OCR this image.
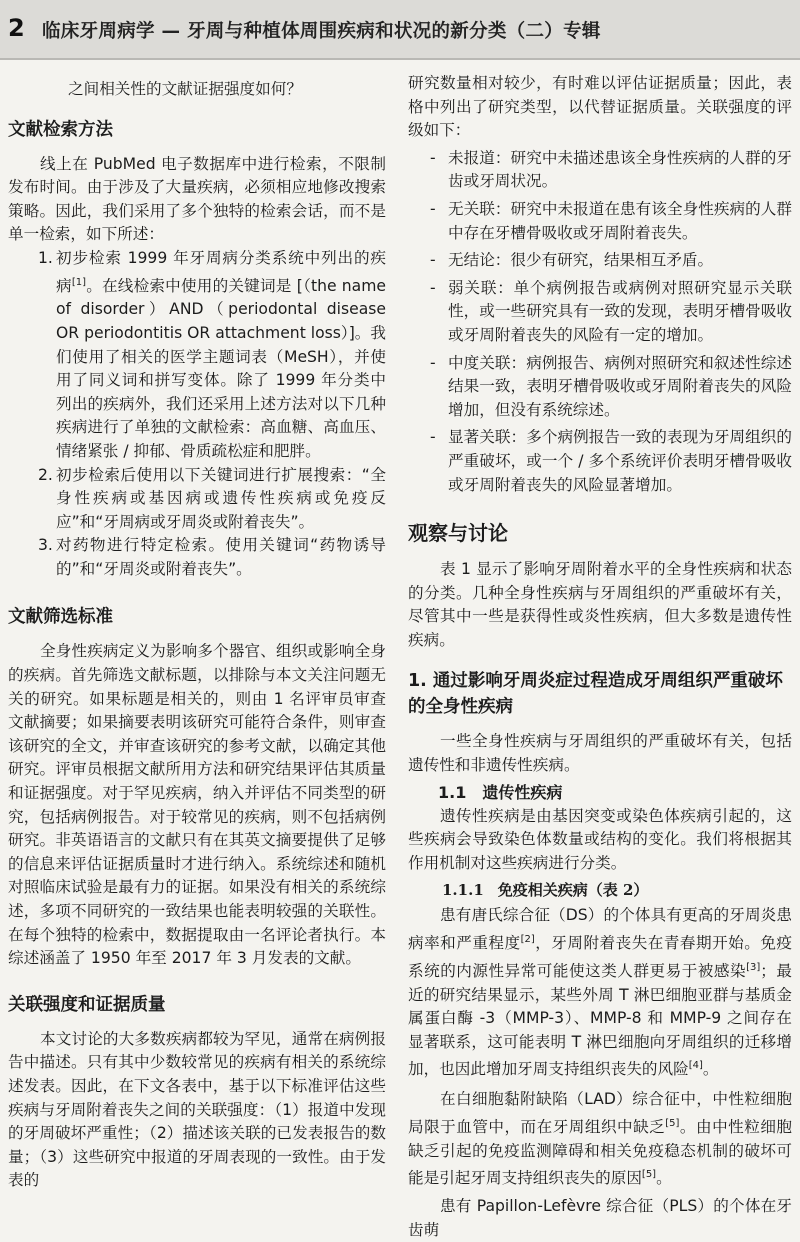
2 临床牙周病学 — 牙周与种植体周围疾病和状况的新分类（二）专辑
之间相关性的文献证据强度如何？
文献检索方法

线上在 PubMed 电子数据库中进行检索，不限制发布时间。由于涉及了大量疾病，必须相应地修改搜索策略。因此，我们采用了多个独特的检索会话，而不是单一检索，如下所述：

1. 初步检索 1999 年牙周病分类系统中列出的疾病[1]。在线检索中使用的关键词是 [（the name of disorder）AND（periodontal disease OR periodontitis OR attachment loss）]。我们使用了相关的医学主题词表（MeSH），并使用了同义词和拼写变体。除了 1999 年分类中列出的疾病外，我们还采用上述方法对以下几种疾病进行了单独的文献检索：高血糖、高血压、情绪紧张 / 抑郁、骨质疏松症和肥胖。
2. 初步检索后使用以下关键词进行扩展搜索：“全身性疾病或基因病或遗传性疾病或免疫反应”和“牙周病或牙周炎或附着丧失”。
3. 对药物进行特定检索。使用关键词“药物诱导的”和“牙周炎或附着丧失”。
文献筛选标准

全身性疾病定义为影响多个器官、组织或影响全身的疾病。首先筛选文献标题，以排除与本文关注问题无关的研究。如果标题是相关的，则由 1 名评审员审查文献摘要；如果摘要表明该研究可能符合条件，则审查该研究的全文，并审查该研究的参考文献，以确定其他研究。评审员根据文献所用方法和研究结果评估其质量和证据强度。对于罕见疾病，纳入并评估不同类型的研究，包括病例报告。对于较常见的疾病，则不包括病例研究。非英语语言的文献只有在其英文摘要提供了足够的信息来评估证据质量时才进行纳入。系统综述和随机对照临床试验是最有力的证据。如果没有相关的系统综述，多项不同研究的一致结果也能表明较强的关联性。在每个独特的检索中，数据提取由一名评论者执行。本综述涵盖了 1950 年至 2017 年 3 月发表的文献。

关联强度和证据质量

本文讨论的大多数疾病都较为罕见，通常在病例报告中描述。只有其中少数较常见的疾病有相关的系统综述发表。因此，在下文各表中，基于以下标准评估这些疾病与牙周附着丧失之间的关联强度：（1）报道中发现的牙周破坏严重性；（2）描述该关联的已发表报告的数量；（3）这些研究中报道的牙周表现的一致性。由于发表的

研究数量相对较少，有时难以评估证据质量；因此，表格中列出了研究类型，以代替证据质量。关联强度的评级如下：

- 未报道：研究中未描述患该全身性疾病的人群的牙齿或牙周状况。
- 无关联：研究中未报道在患有该全身性疾病的人群中存在牙槽骨吸收或牙周附着丧失。
- 无结论：很少有研究，结果相互矛盾。
- 弱关联：单个病例报告或病例对照研究显示关联性，或一些研究具有一致的发现，表明牙槽骨吸收或牙周附着丧失的风险有一定的增加。
- 中度关联：病例报告、病例对照研究和叙述性综述结果一致，表明牙槽骨吸收或牙周附着丧失的风险增加，但没有系统综述。
- 显著关联：多个病例报告一致的表现为牙周组织的严重破坏，或一个 / 多个系统评价表明牙槽骨吸收或牙周附着丧失的风险显著增加。
观察与讨论

表 1 显示了影响牙周附着水平的全身性疾病和状态的分类。几种全身性疾病与牙周组织的严重破坏有关，尽管其中一些是获得性或炎性疾病，但大多数是遗传性疾病。

1. 通过影响牙周炎症过程造成牙周组织严重破坏的全身性疾病

一些全身性疾病与牙周组织的严重破坏有关，包括遗传性和非遗传性疾病。

1.1 遗传性疾病

遗传性疾病是由基因突变或染色体疾病引起的，这些疾病会导致染色体数量或结构的变化。我们将根据其作用机制对这些疾病进行分类。

1.1.1 免疫相关疾病（表 2）

患有唐氏综合征（DS）的个体具有更高的牙周炎患病率和严重程度[2]，牙周附着丧失在青春期开始。免疫系统的内源性异常可能使这类人群更易于被感染[3]；最近的研究结果显示，某些外周 T 淋巴细胞亚群与基质金属蛋白酶 -3（MMP-3）、MMP-8 和 MMP-9 之间存在显著联系，这可能表明 T 淋巴细胞向牙周组织的迁移增加，也因此增加牙周支持组织丧失的风险[4]。

在白细胞黏附缺陷（LAD）综合征中，中性粒细胞局限于血管中，而在牙周组织中缺乏[5]。由中性粒细胞缺乏引起的免疫监测障碍和相关免疫稳态机制的破坏可能是引起牙周支持组织丧失的原因[5]。

患有 Papillon-Lefèvre 综合征（PLS）的个体在牙齿萌
